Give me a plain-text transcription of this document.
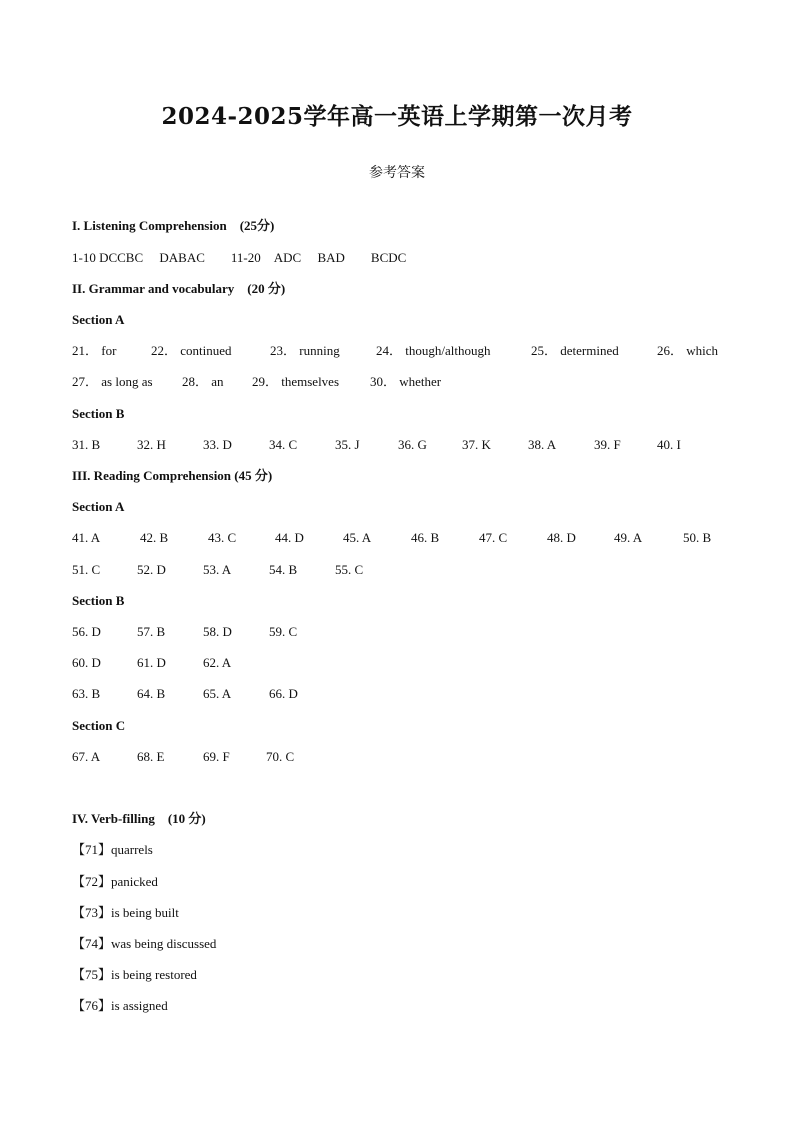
2024-2025学年高一英语上学期第一次月考
参考答案
I. Listening Comprehension　(25分)
1-10 DCCBC　 DABAC　　11-20　ADC　 BAD　　BCDC
II. Grammar and vocabulary　(20 分)
Section A
21． for	22． continued	23． running	24． though/although	25． determined	26． which
27． as long as 28． an 29． themselves 30． whether
Section B
31. B	32. H	33. D	34. C	35. J	36. G	37. K	38. A	39. F	40. I
III. Reading Comprehension (45 分)
Section A
41. A	42. B	43. C	44. D	45. A	46. B	47. C	48. D	49. A	50. B
51. C	52. D	53. A	54. B	55. C
Section B
56. D	57. B	58. D	59. C
60. D	61. D	62. A
63. B	64. B	65. A	66. D
Section C
67. A	68. E	69. F	70. C
IV. Verb-filling　(10 分)
【71】quarrels
【72】panicked
【73】is being built
【74】was being discussed
【75】is being restored
【76】is assigned
